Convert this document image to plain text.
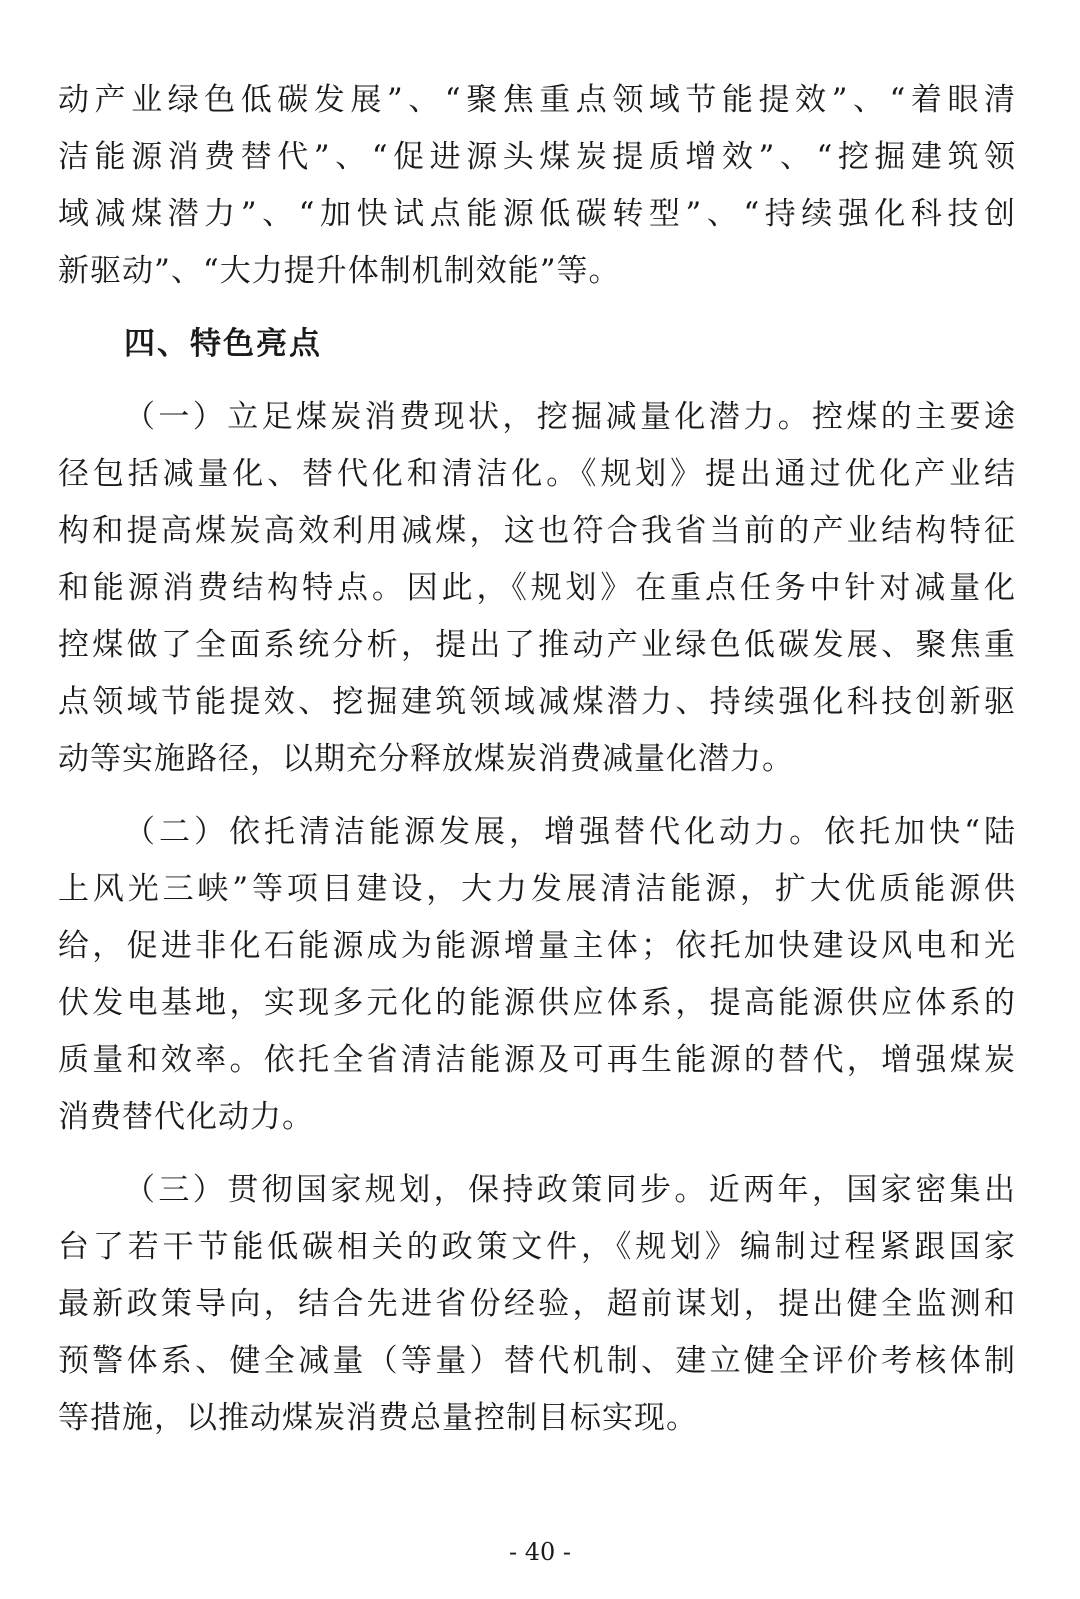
动产业绿色低碳发展”、“聚焦重点领域节能提效”、“着眼清
洁能源消费替代”、“促进源头煤炭提质增效”、“挖掘建筑领
域减煤潜力”、“加快试点能源低碳转型”、“持续强化科技创
新驱动”、“大力提升体制机制效能”等。
四、特色亮点
（一）立足煤炭消费现状，挖掘减量化潜力。控煤的主要途
径包括减量化、替代化和清洁化。《规划》提出通过优化产业结
构和提高煤炭高效利用减煤，这也符合我省当前的产业结构特征
和能源消费结构特点。因此，《规划》在重点任务中针对减量化
控煤做了全面系统分析，提出了推动产业绿色低碳发展、聚焦重
点领域节能提效、挖掘建筑领域减煤潜力、持续强化科技创新驱
动等实施路径，以期充分释放煤炭消费减量化潜力。
（二）依托清洁能源发展，增强替代化动力。依托加快“陆
上风光三峡”等项目建设，大力发展清洁能源，扩大优质能源供
给，促进非化石能源成为能源增量主体；依托加快建设风电和光
伏发电基地，实现多元化的能源供应体系，提高能源供应体系的
质量和效率。依托全省清洁能源及可再生能源的替代，增强煤炭
消费替代化动力。
（三）贯彻国家规划，保持政策同步。近两年，国家密集出
台了若干节能低碳相关的政策文件，《规划》编制过程紧跟国家
最新政策导向，结合先进省份经验，超前谋划，提出健全监测和
预警体系、健全减量（等量）替代机制、建立健全评价考核体制
等措施，以推动煤炭消费总量控制目标实现。
- 40 -
